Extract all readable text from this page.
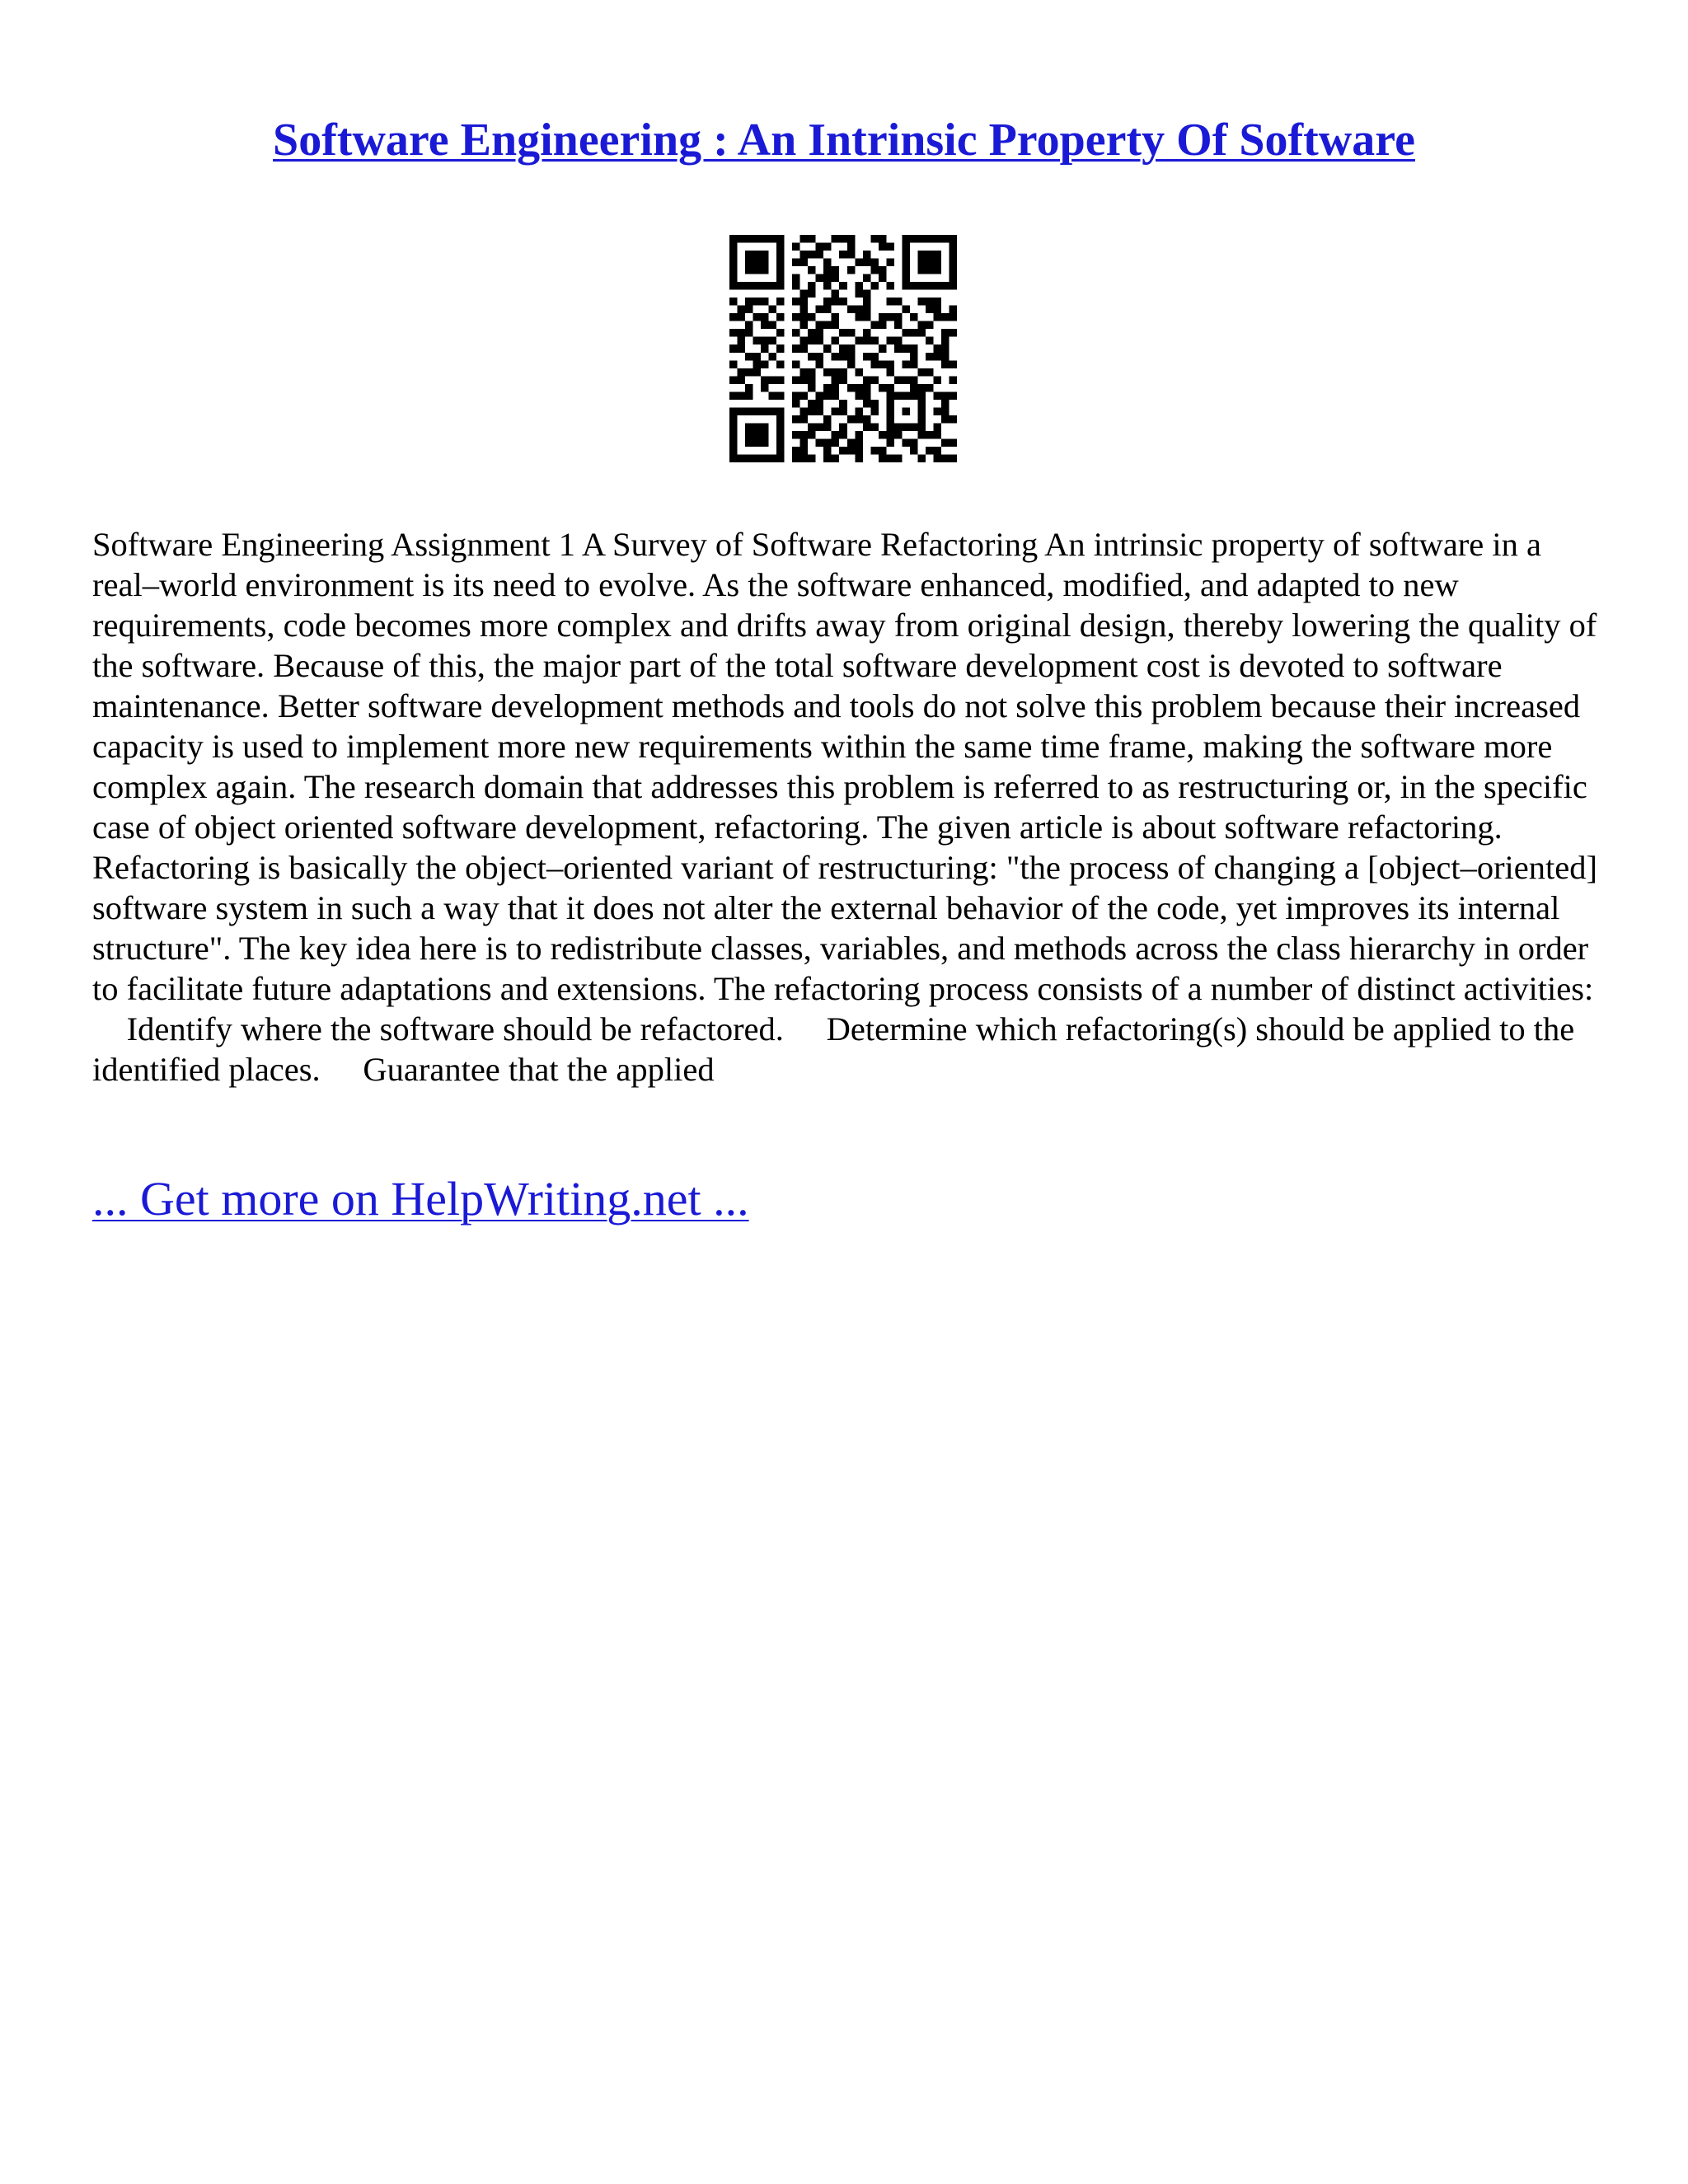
Software Engineering : An Intrinsic Property Of Software

Software Engineering Assignment 1 A Survey of Software Refactoring An intrinsic property of software in a real–world environment is its need to evolve. As the software enhanced, modified, and adapted to new requirements, code becomes more complex and drifts away from original design, thereby lowering the quality of the software. Because of this, the major part of the total software development cost is devoted to software maintenance. Better software development methods and tools do not solve this problem because their increased capacity is used to implement more new requirements within the same time frame, making the software more complex again. The research domain that addresses this problem is referred to as restructuring or, in the specific case of object oriented software development, refactoring. The given article is about software refactoring. Refactoring is basically the object–oriented variant of restructuring: "the process of changing a [object–oriented] software system in such a way that it does not alter the external behavior of the code, yet improves its internal structure". The key idea here is to redistribute classes, variables, and methods across the class hierarchy in order to facilitate future adaptations and extensions. The refactoring process consists of a number of distinct activities: Identify where the software should be refactored. Determine which refactoring(s) should be applied to the identified places. Guarantee that the applied

... Get more on HelpWriting.net ...
